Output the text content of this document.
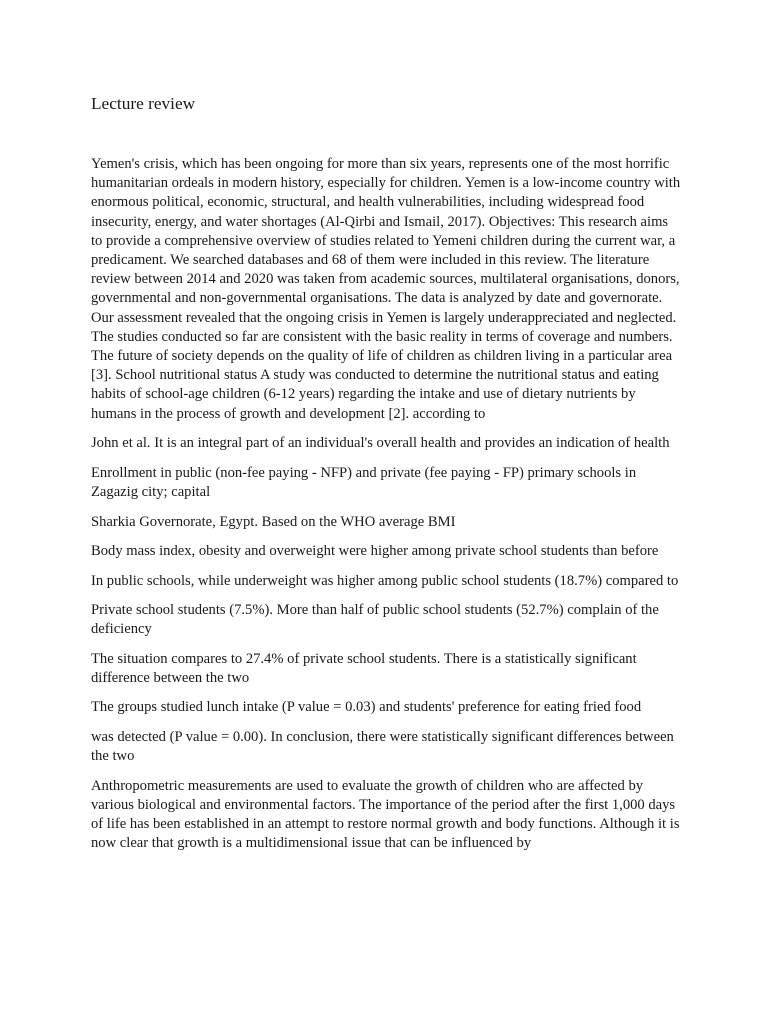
Lecture review

Yemen's crisis, which has been ongoing for more than six years, represents one of the most horrific humanitarian ordeals in modern history, especially for children. Yemen is a low-income country with enormous political, economic, structural, and health vulnerabilities, including widespread food insecurity, energy, and water shortages (Al-Qirbi and Ismail, 2017). Objectives: This research aims to provide a comprehensive overview of studies related to Yemeni children during the current war, a predicament. We searched databases and 68 of them were included in this review. The literature review between 2014 and 2020 was taken from academic sources, multilateral organisations, donors, governmental and non-governmental organisations. The data is analyzed by date and governorate. Our assessment revealed that the ongoing crisis in Yemen is largely underappreciated and neglected. The studies conducted so far are consistent with the basic reality in terms of coverage and numbers. The future of society depends on the quality of life of children as children living in a particular area [3]. School nutritional status A study was conducted to determine the nutritional status and eating habits of school-age children (6-12 years) regarding the intake and use of dietary nutrients by humans in the process of growth and development [2]. according to

John et al. It is an integral part of an individual's overall health and provides an indication of health

Enrollment in public (non-fee paying - NFP) and private (fee paying - FP) primary schools in Zagazig city; capital

Sharkia Governorate, Egypt. Based on the WHO average BMI

Body mass index, obesity and overweight were higher among private school students than before

In public schools, while underweight was higher among public school students (18.7%) compared to

Private school students (7.5%). More than half of public school students (52.7%) complain of the deficiency

The situation compares to 27.4% of private school students. There is a statistically significant difference between the two

The groups studied lunch intake (P value = 0.03) and students' preference for eating fried food

was detected (P value = 0.00). In conclusion, there were statistically significant differences between the two

Anthropometric measurements are used to evaluate the growth of children who are affected by various biological and environmental factors. The importance of the period after the first 1,000 days of life has been established in an attempt to restore normal growth and body functions. Although it is now clear that growth is a multidimensional issue that can be influenced by
